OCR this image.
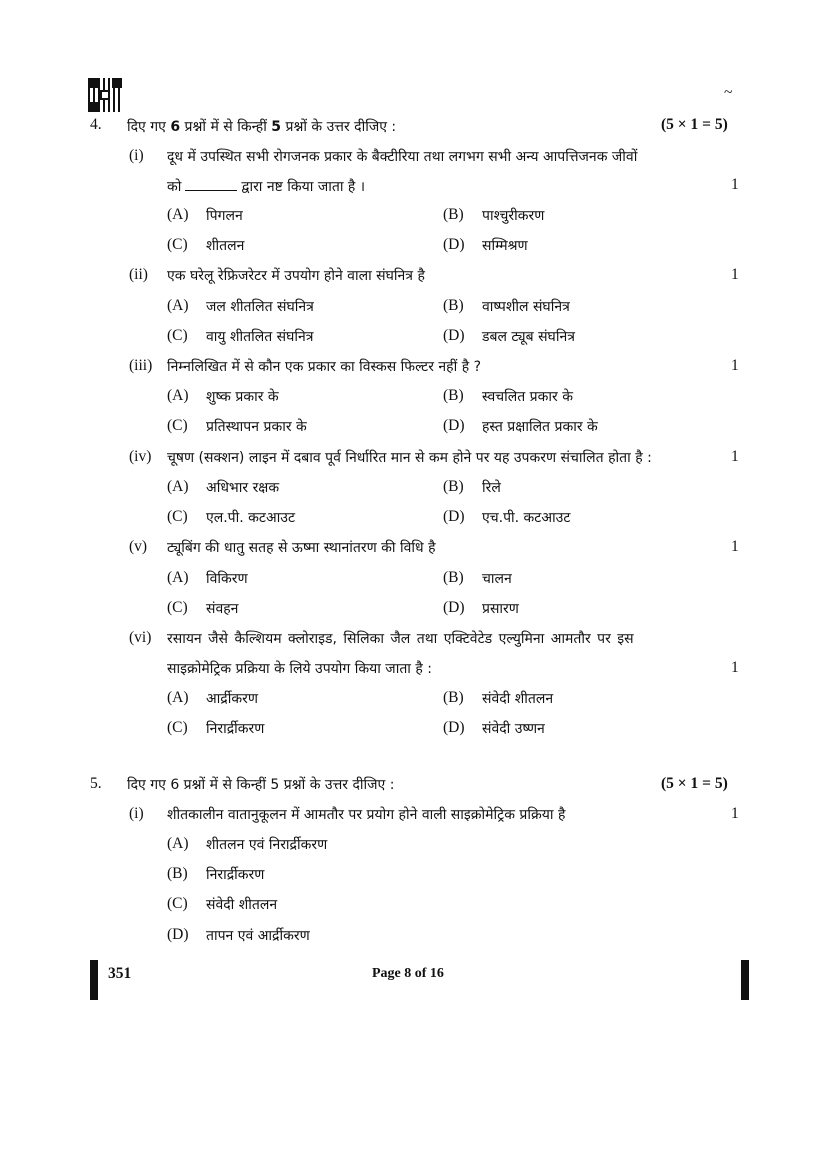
~
4. दिए गए 6 प्रश्नों में से किन्हीं 5 प्रश्नों के उत्तर दीजिए :	(5 × 1 = 5)
(i) दूध में उपस्थित सभी रोगजनक प्रकार के बैक्टीरिया तथा लगभग सभी अन्य आपत्तिजनक जीवों
को	द्वारा नष्ट किया जाता है ।	1
(A) पिगलन	(B) पाश्चुरीकरण
(C) शीतलन	(D) सम्मिश्रण
(ii) एक घरेलू रेफ्रिजरेटर में उपयोग होने वाला संघनित्र है	1
(A) जल शीतलित संघनित्र	(B) वाष्पशील संघनित्र
(C) वायु शीतलित संघनित्र	(D) डबल ट्यूब संघनित्र
(iii) निम्नलिखित में से कौन एक प्रकार का विस्कस फिल्टर नहीं है ?	1
(A) शुष्क प्रकार के	(B) स्वचलित प्रकार के
(C) प्रतिस्थापन प्रकार के	(D) हस्त प्रक्षालित प्रकार के
(iv) चूषण (सक्शन) लाइन में दबाव पूर्व निर्धारित मान से कम होने पर यह उपकरण संचालित होता है :	1
(A) अधिभार रक्षक	(B) रिले
(C) एल.पी. कटआउट	(D) एच.पी. कटआउट
(v) ट्यूबिंग की धातु सतह से ऊष्मा स्थानांतरण की विधि है	1
(A) विकिरण	(B) चालन
(C) संवहन	(D) प्रसारण
(vi) रसायन जैसे कैल्शियम क्लोराइड, सिलिका जैल तथा एक्टिवेटेड एल्युमिना आमतौर पर इस
साइक्रोमेट्रिक प्रक्रिया के लिये उपयोग किया जाता है :	1
(A) आर्द्रीकरण	(B) संवेदी शीतलन
(C) निरार्द्रीकरण	(D) संवेदी उष्णन
5. दिए गए 6 प्रश्नों में से किन्हीं 5 प्रश्नों के उत्तर दीजिए :	(5 × 1 = 5)
(i) शीतकालीन वातानुकूलन में आमतौर पर प्रयोग होने वाली साइक्रोमेट्रिक प्रक्रिया है	1
(A) शीतलन एवं निरार्द्रीकरण
(B) निरार्द्रीकरण
(C) संवेदी शीतलन
(D) तापन एवं आर्द्रीकरण
351	Page 8 of 16
